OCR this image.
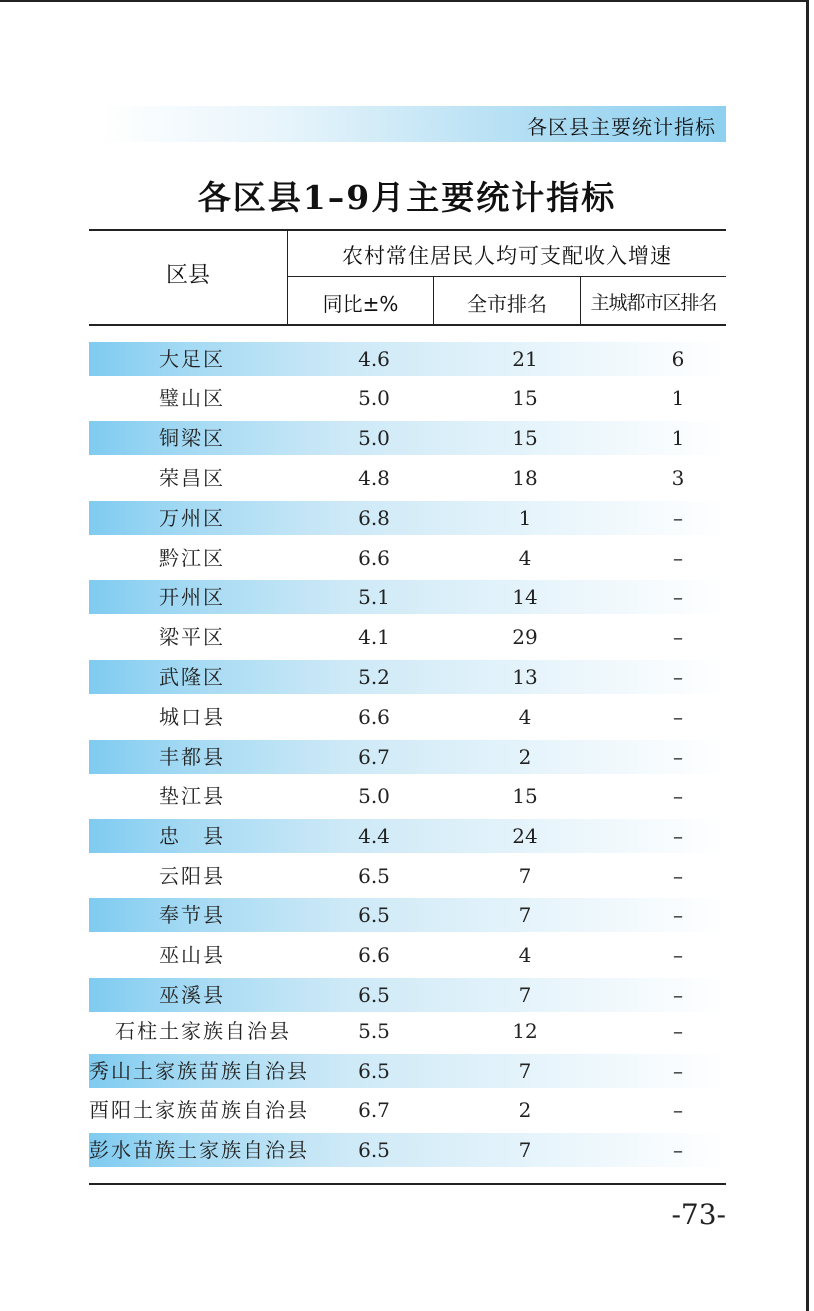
各区县主要统计指标
各区县1–9月主要统计指标
区县
农村常住居民人均可支配收入增速
同比±%	全市排名	主城都市区排名
大足区	4.6	21	6
璧山区	5.0	15	1
铜梁区	5.0	15	1
荣昌区	4.8	18	3
万州区	6.8	1	–
黔江区	6.6	4	–
开州区	5.1	14	–
梁平区	4.1	29	–
武隆区	5.2	13	–
城口县	6.6	4	–
丰都县	6.7	2	–
垫江县	5.0	15	–
忠　县	4.4	24	–
云阳县	6.5	7	–
奉节县	6.5	7	–
巫山县	6.6	4	–
巫溪县	6.5	7	–
石柱土家族自治县	5.5	12	–
秀山土家族苗族自治县 6.5	7	–
酉阳土家族苗族自治县 6.7	2	–
彭水苗族土家族自治县 6.5	7	–
-73-
